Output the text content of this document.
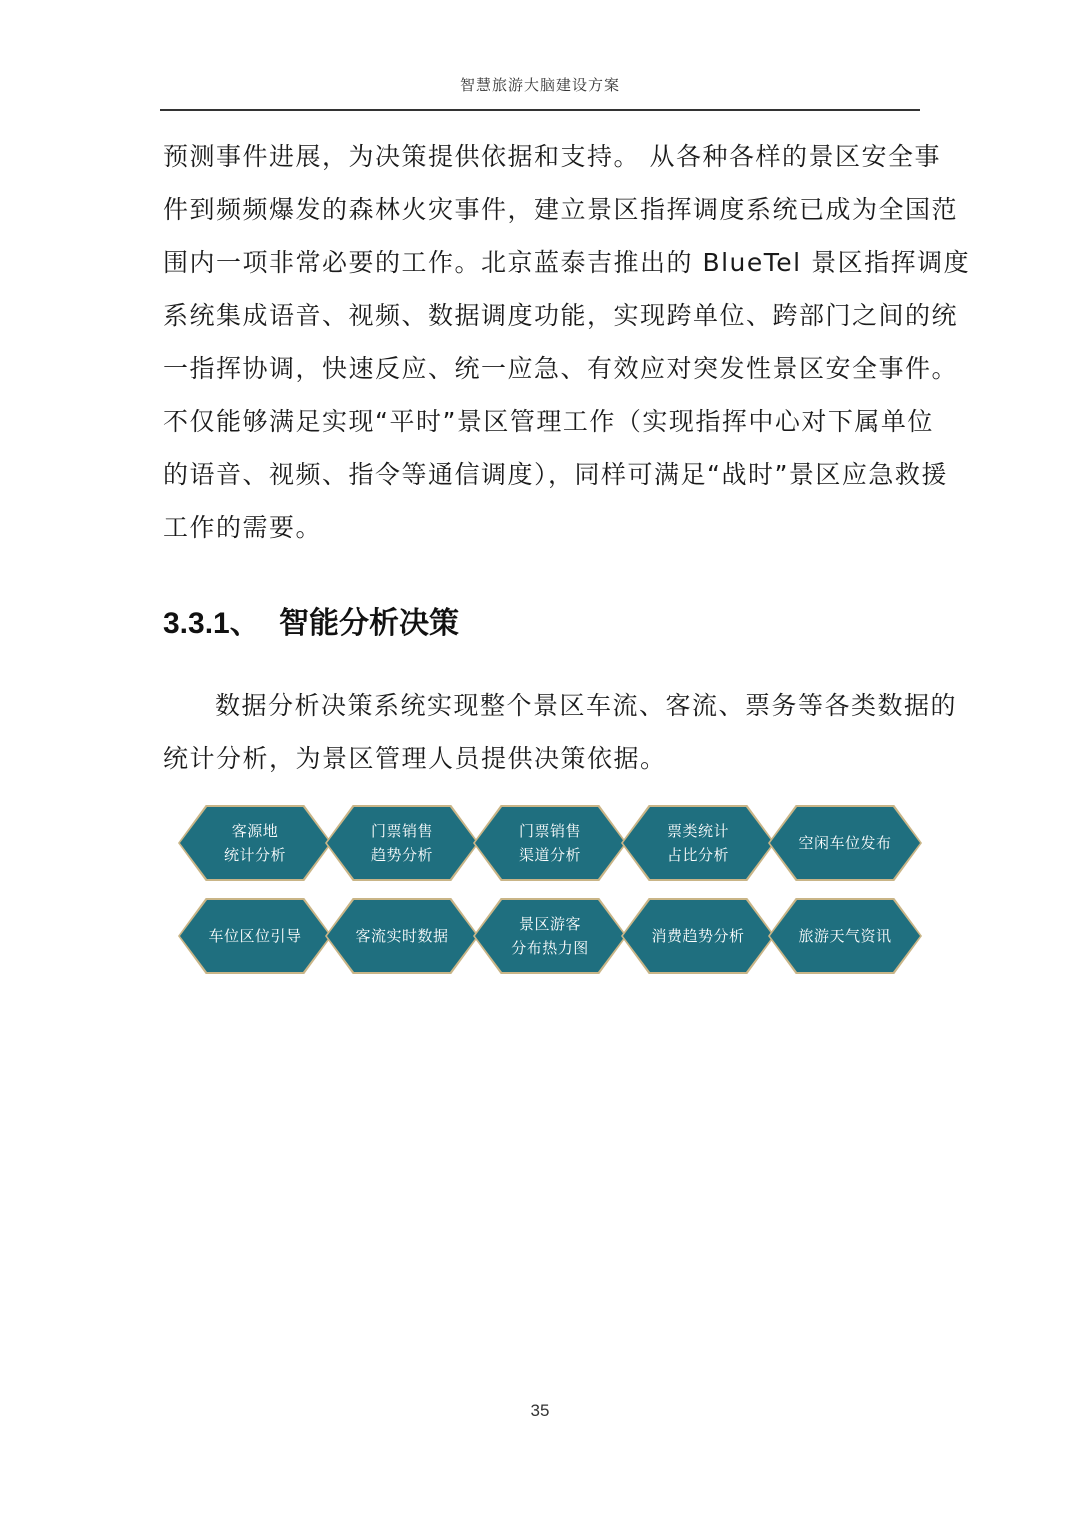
智慧旅游大脑建设方案
预测事件进展，为决策提供依据和支持。 从各种各样的景区安全事
件到频频爆发的森林火灾事件，建立景区指挥调度系统已成为全国范
围内一项非常必要的工作。北京蓝泰吉推出的 BlueTel 景区指挥调度
系统集成语音、视频、数据调度功能，实现跨单位、跨部门之间的统
一指挥协调，快速反应、统一应急、有效应对突发性景区安全事件。
不仅能够满足实现“平时”景区管理工作（实现指挥中心对下属单位
的语音、视频、指令等通信调度），同样可满足“战时”景区应急救援
工作的需要。
3.3.1、 智能分析决策
数据分析决策系统实现整个景区车流、客流、票务等各类数据的
统计分析，为景区管理人员提供决策依据。
客源地
统计分析
门票销售
趋势分析
门票销售
渠道分析
票类统计
占比分析
空闲车位发布
车位区位引导	客流实时数据
景区游客
分布热力图
消费趋势分析	旅游天气资讯
35
